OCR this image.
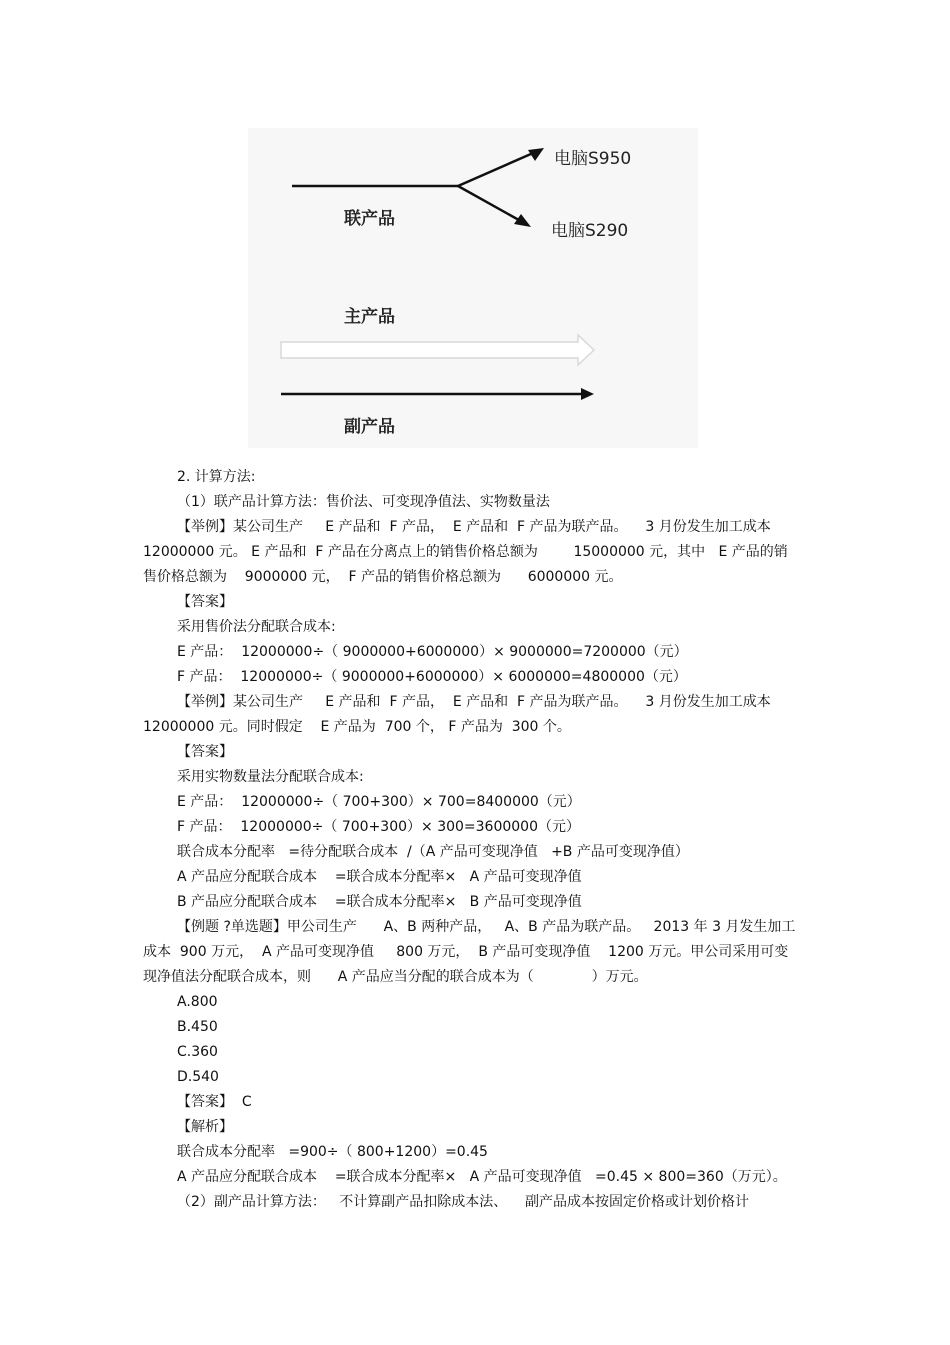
电脑S950
电脑S290
联产品
主产品
副产品
2. 计算方法:
（1）联产品计算方法：售价法、可变现净值法、实物数量法
【举例】某公司生产     E 产品和  F 产品，  E 产品和  F 产品为联产品。    3 月份发生加工成本
12000000 元。 E 产品和  F 产品在分离点上的销售价格总额为        15000000 元，其中   E 产品的销
售价格总额为    9000000 元，  F 产品的销售价格总额为      6000000 元。
【答案】
采用售价法分配联合成本:
E 产品：  12000000÷（ 9000000+6000000）× 9000000=7200000（元）
F 产品：  12000000÷（ 9000000+6000000）× 6000000=4800000（元）
【举例】某公司生产     E 产品和  F 产品，  E 产品和  F 产品为联产品。    3 月份发生加工成本
12000000 元。同时假定    E 产品为  700 个， F 产品为  300 个。
【答案】
采用实物数量法分配联合成本:
E 产品：  12000000÷（ 700+300）× 700=8400000（元）
F 产品：  12000000÷（ 700+300）× 300=3600000（元）
联合成本分配率   =待分配联合成本  /（A 产品可变现净值   +B 产品可变现净值）
A 产品应分配联合成本    =联合成本分配率×   A 产品可变现净值
B 产品应分配联合成本    =联合成本分配率×   B 产品可变现净值
【例题 ?单选题】甲公司生产      A、B 两种产品，   A、B 产品为联产品。   2013 年 3 月发生加工
成本  900 万元，  A 产品可变现净值     800 万元，  B 产品可变现净值    1200 万元。甲公司采用可变
现净值法分配联合成本，则      A 产品应当分配的联合成本为（             ）万元。
A.800
B.450
C.360
D.540
【答案】  C
【解析】
联合成本分配率   =900÷（ 800+1200）=0.45
A 产品应分配联合成本    =联合成本分配率×   A 产品可变现净值   =0.45 × 800=360（万元）。
（2）副产品计算方法：   不计算副产品扣除成本法、    副产品成本按固定价格或计划价格计
